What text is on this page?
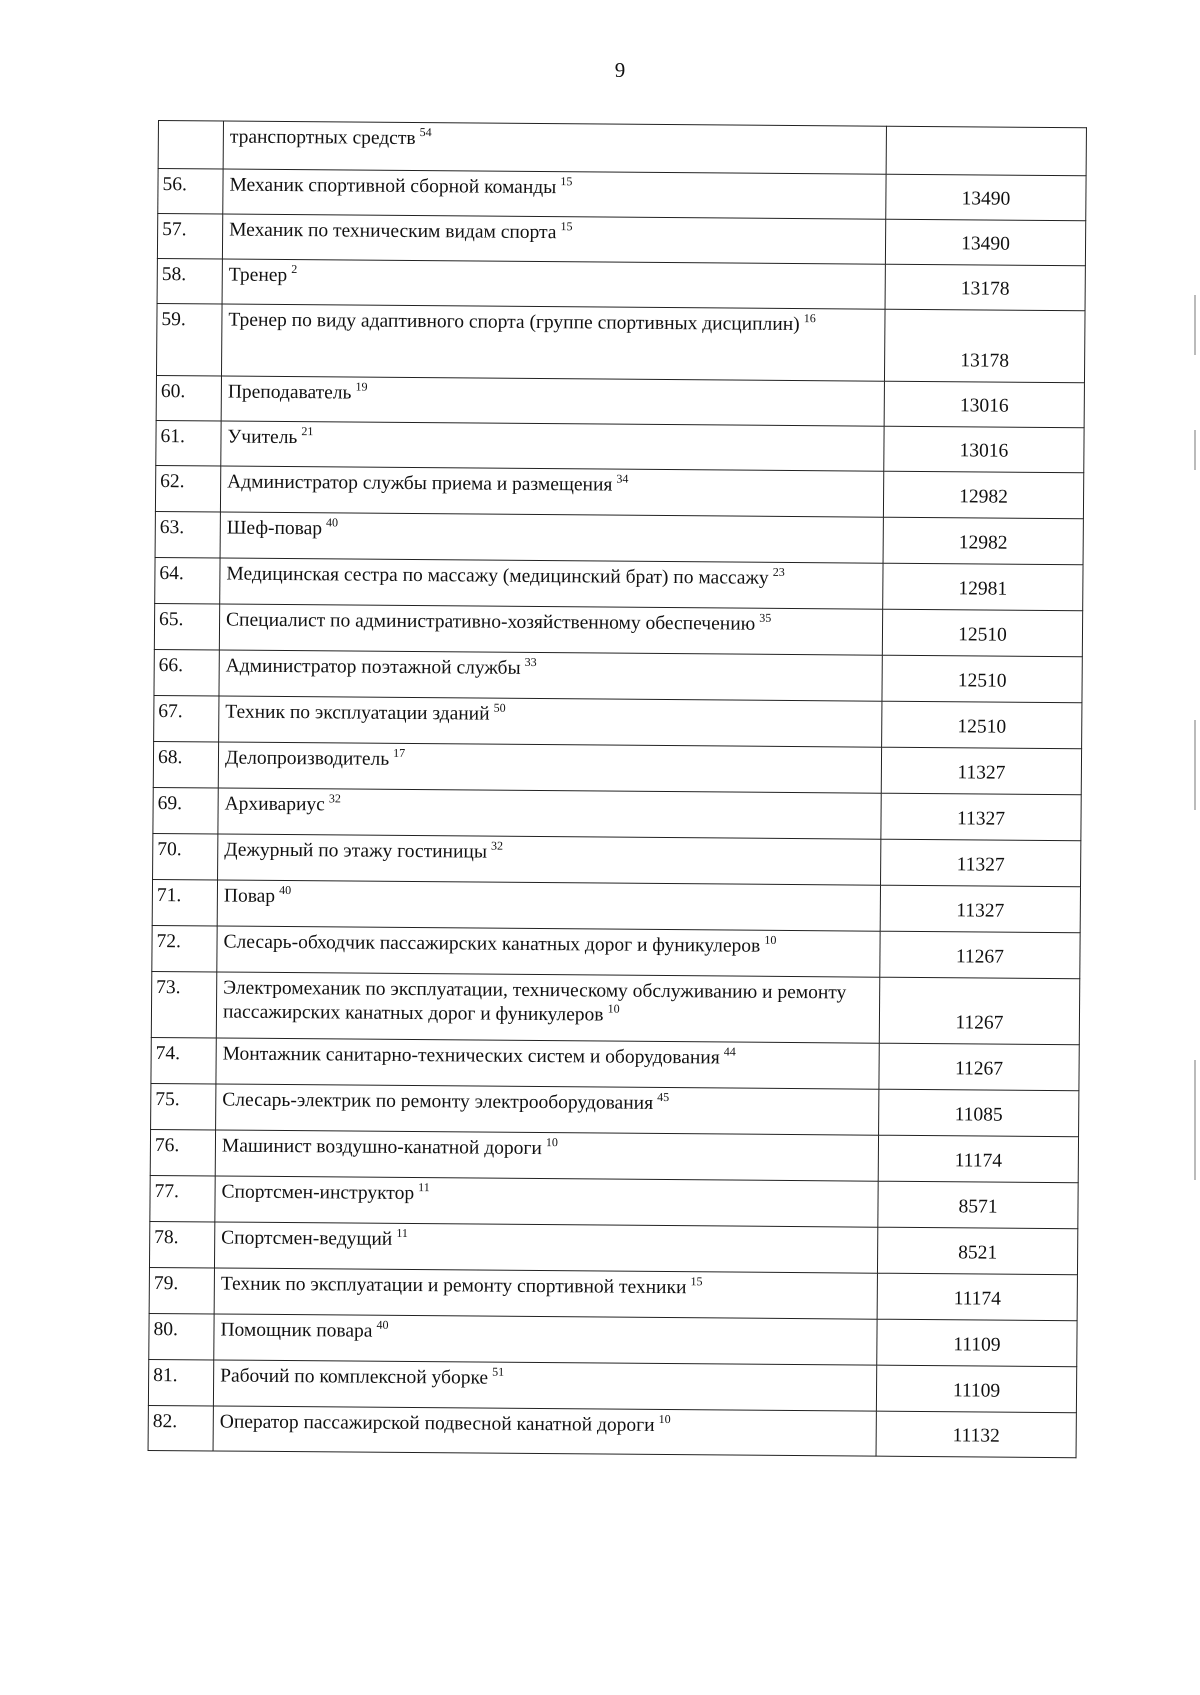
9
	транспортных средств $^{54}$	
56.	Механик спортивной сборной команды $^{15}$	13490
57.	Механик по техническим видам спорта $^{15}$	13490
58.	Тренер $^2$	13178
59.	Тренер по виду адаптивного спорта (группе спортивных дисциплин) $^{16}$	13178
60.	Преподаватель $^{19}$	13016
61.	Учитель $^{21}$	13016
62.	Администратор службы приема и размещения $^{34}$	12982
63.	Шеф-повар $^{40}$	12982
64.	Медицинская сестра по массажу (медицинский брат) по массажу $^{23}$	12981
65.	Специалист по административно-хозяйственному обеспечению $^{35}$	12510
66.	Администратор поэтажной службы $^{33}$	12510
67.	Техник по эксплуатации зданий $^{50}$	12510
68.	Делопроизводитель $^{17}$	11327
69.	Архивариус $^{32}$	11327
70.	Дежурный по этажу гостиницы $^{32}$	11327
71.	Повар $^{40}$	11327
72.	Слесарь-обходчик пассажирских канатных дорог и фуникулеров $^{10}$	11267
73.	Электромеханик по эксплуатации, техническому обслуживанию и ремонту пассажирских канатных дорог и фуникулеров $^{10}$	11267
74.	Монтажник санитарно-технических систем и оборудования $^{44}$	11267
75.	Слесарь-электрик по ремонту электрооборудования $^{45}$	11085
76.	Машинист воздушно-канатной дороги $^{10}$	11174
77.	Спортсмен-инструктор $^{11}$	8571
78.	Спортсмен-ведущий $^{11}$	8521
79.	Техник по эксплуатации и ремонту спортивной техники $^{15}$	11174
80.	Помощник повара $^{40}$	11109
81.	Рабочий по комплексной уборке $^{51}$	11109
82.	Оператор пассажирской подвесной канатной дороги $^{10}$	11132
